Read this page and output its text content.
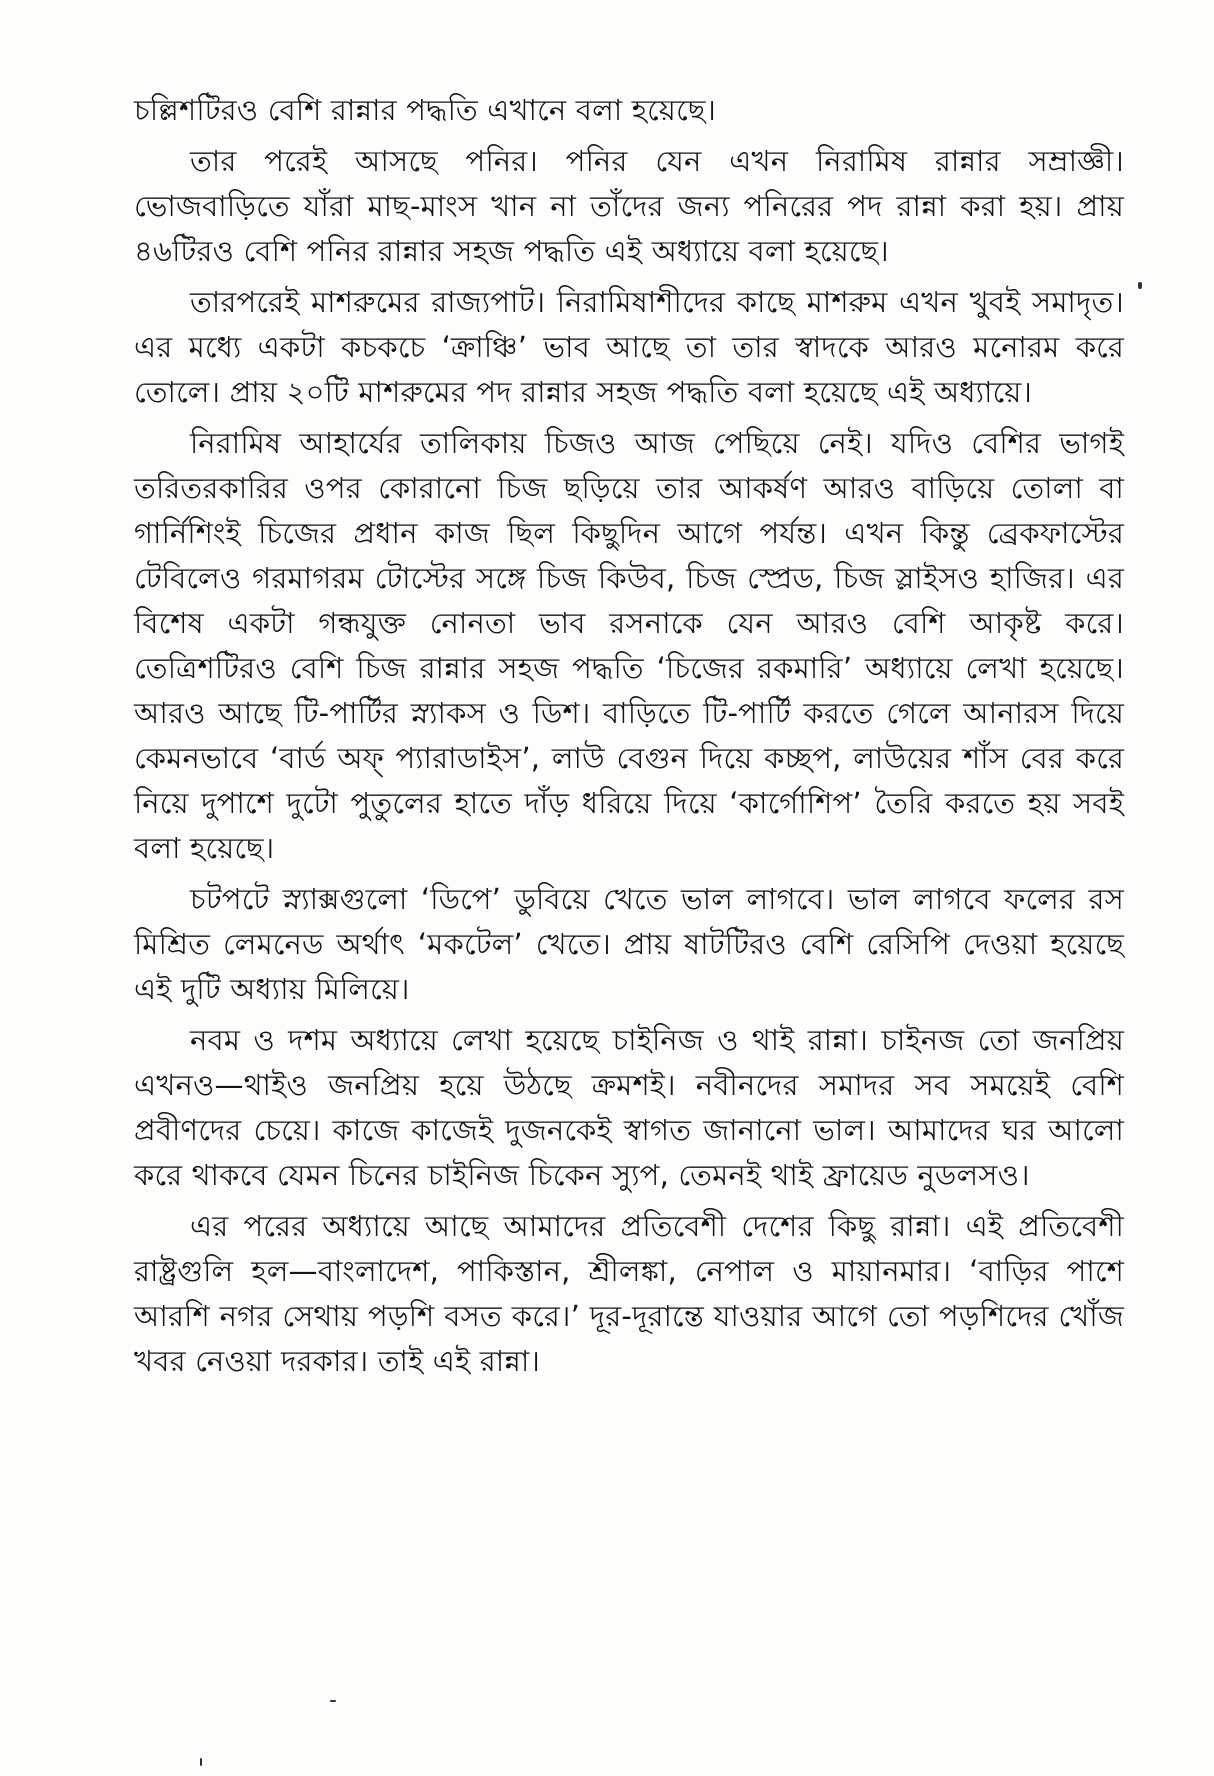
চল্লিশটিরও বেশি রান্নার পদ্ধতি এখানে বলা হয়েছে।

তার পরেই আসছে পনির। পনির যেন এখন নিরামিষ রান্নার সম্রাজ্ঞী। ভোজবাড়িতে যাঁরা মাছ-মাংস খান না তাঁদের জন্য পনিরের পদ রান্না করা হয়। প্রায় ৪৬টিরও বেশি পনির রান্নার সহজ পদ্ধতি এই অধ্যায়ে বলা হয়েছে।

তারপরেই মাশরুমের রাজ্যপাট। নিরামিষাশীদের কাছে মাশরুম এখন খুবই সমাদৃত। এর মধ্যে একটা কচকচে ‘ক্রাঞ্চি’ ভাব আছে তা তার স্বাদকে আরও মনোরম করে তোলে। প্রায় ২০টি মাশরুমের পদ রান্নার সহজ পদ্ধতি বলা হয়েছে এই অধ্যায়ে।

নিরামিষ আহার্যের তালিকায় চিজও আজ পেছিয়ে নেই। যদিও বেশির ভাগই তরিতরকারির ওপর কোরানো চিজ ছড়িয়ে তার আকর্ষণ আরও বাড়িয়ে তোলা বা গার্নিশিংই চিজের প্রধান কাজ ছিল কিছুদিন আগে পর্যন্ত। এখন কিন্তু ব্রেকফাস্টের টেবিলেও গরমাগরম টোস্টের সঙ্গে চিজ কিউব, চিজ স্প্রেড, চিজ স্লাইসও হাজির। এর বিশেষ একটা গন্ধযুক্ত নোনতা ভাব রসনাকে যেন আরও বেশি আকৃষ্ট করে। তেত্রিশটিরও বেশি চিজ রান্নার সহজ পদ্ধতি ‘চিজের রকমারি’ অধ্যায়ে লেখা হয়েছে। আরও আছে টি-পার্টির স্ন্যাকস ও ডিশ। বাড়িতে টি-পার্টি করতে গেলে আনারস দিয়ে কেমনভাবে ‘বার্ড অফ্ প্যারাডাইস’, লাউ বেগুন দিয়ে কচ্ছপ, লাউয়ের শাঁস বের করে নিয়ে দুপাশে দুটো পুতুলের হাতে দাঁড় ধরিয়ে দিয়ে ‘কার্গোশিপ’ তৈরি করতে হয় সবই বলা হয়েছে।

চটপটে স্ন্যাক্সগুলো ‘ডিপে’ ডুবিয়ে খেতে ভাল লাগবে। ভাল লাগবে ফলের রস মিশ্রিত লেমনেড অর্থাৎ ‘মকটেল’ খেতে। প্রায় ষাটটিরও বেশি রেসিপি দেওয়া হয়েছে এই দুটি অধ্যায় মিলিয়ে।

নবম ও দশম অধ্যায়ে লেখা হয়েছে চাইনিজ ও থাই রান্না। চাইনজ তো জনপ্রিয় এখনও—থাইও জনপ্রিয় হয়ে উঠছে ক্রমশই। নবীনদের সমাদর সব সময়েই বেশি প্রবীণদের চেয়ে। কাজে কাজেই দুজনকেই স্বাগত জানানো ভাল। আমাদের ঘর আলো করে থাকবে যেমন চিনের চাইনিজ চিকেন স্যুপ, তেমনই থাই ফ্রায়েড নুডলসও।

এর পরের অধ্যায়ে আছে আমাদের প্রতিবেশী দেশের কিছু রান্না। এই প্রতিবেশী রাষ্ট্রগুলি হল—বাংলাদেশ, পাকিস্তান, শ্রীলঙ্কা, নেপাল ও মায়ানমার। ‘বাড়ির পাশে আরশি নগর সেথায় পড়শি বসত করে।’ দূর-দূরান্তে যাওয়ার আগে তো পড়শিদের খোঁজ খবর নেওয়া দরকার। তাই এই রান্না।
